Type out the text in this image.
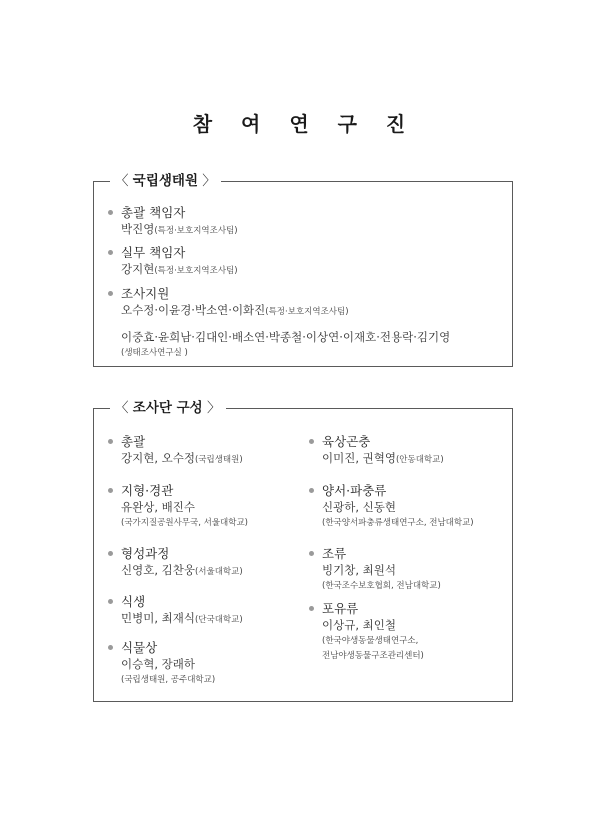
참 여 연 구 진
〈 국립생태원 〉
총괄 책임자
박진영(특정·보호지역조사팀)
실무 책임자
강지현(특정·보호지역조사팀)
조사지원
오수정·이윤경·박소연·이화진(특정·보호지역조사팀)
이중효·윤희남·김대인·배소연·박종철·이상연·이재호·전용락·김기영
(생태조사연구실 )
〈 조사단 구성 〉
총괄
강지현, 오수정(국립생태원)
지형·경관
유완상, 배진수
(국가지질공원사무국, 서울대학교)
형성과정
신영호, 김찬웅(서울대학교)
식생
민병미, 최재식(단국대학교)
식물상
이승혁, 장래하
(국립생태원, 공주대학교)
육상곤충
이미진, 권혁영(안동대학교)
양서·파충류
신광하, 신동현
(한국양서파충류생태연구소, 전남대학교)
조류
빙기창, 최원석
(한국조수보호협회, 전남대학교)
포유류
이상규, 최인철
(한국야생동물생태연구소,
전남야생동물구조관리센터)
